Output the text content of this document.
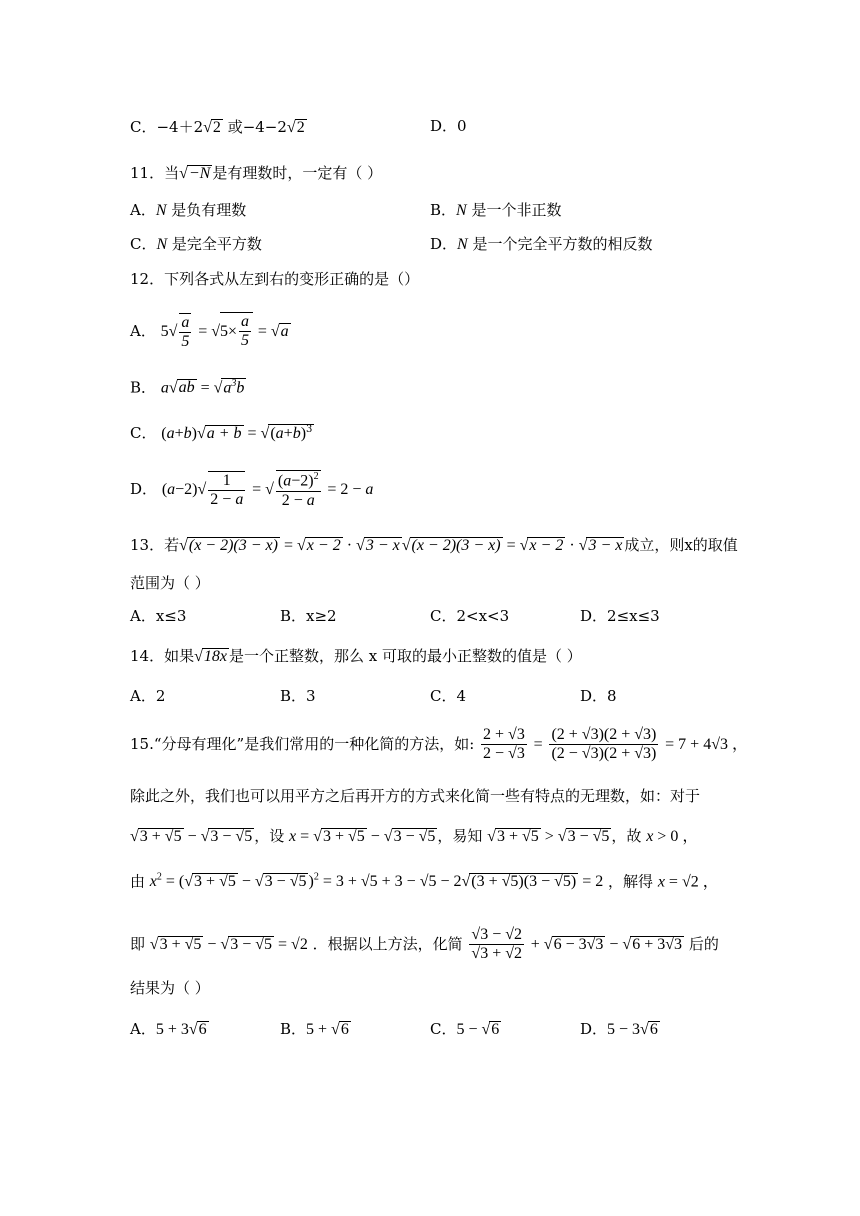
C．−4＋2√2 或−4−2√2	D．0
11．当√−N 是有理数时，一定有（ ）
A．N 是负有理数	B．N 是一个非正数
C．N 是完全平方数	D．N 是一个完全平方数的相反数
12．下列各式从左到右的变形正确的是（）
A． $5√ \frac{a}{5} = √5\times \frac{a}{5} = √a$
B． $a√ab = √a^3b$
C． $(a+b)√a + b = √(a+b)^3$
D． $(a-2)√ \frac{1}{2 - a}$ = √ $\frac{(a-2)^2}{2 - a} = 2 - a$
13．若√(x − 2)(3 − x) = √x − 2 · √3 − x √(x − 2)(3 − x) = √x − 2 · √3 − x 成立，则x的取值
范围为（ ）
A．x≤3	B．x≥2	C．2<x<3	D．2≤x≤3
14．如果√18x 是一个正整数，那么 x 可取的最小正整数的值是（ ）
A．2	B．3	C．4	D．8
15.“分母有理化”是我们常用的一种化简的方法，如: $\frac{2 + √3}{2 - √3} = \frac{(2 + √3)(2 + √3)}{(2 - √3)(2 + √3)} = 7 + 4√3$ ，
除此之外，我们也可以用平方之后再开方的方式来化简一些有特点的无理数，如：对于
√3 + √5 − √3 − √5 ，设 x = √3 + √5 − √3 − √5 ，易知 √3 + √5 > √3 − √5 ，故 x > 0 ，
由 $x^2 = (√3 + √5 - √3 - √5$ )$^2$ = 3 + √5 + 3 − √5 − 2√(3 + √5)(3 − √5) = 2 ，解得 x = √2 ，
即 √3 + √5 − √3 − √5 = √2 ．根据以上方法，化简 $\frac{√3 - √2}{√3 + √2} + √6 - 3√3 - √6 + 3√3$ 后的
结果为（ ）
A．5 + 3√6	B．5 + √6	C．5 − √6	D．5 − 3√6
